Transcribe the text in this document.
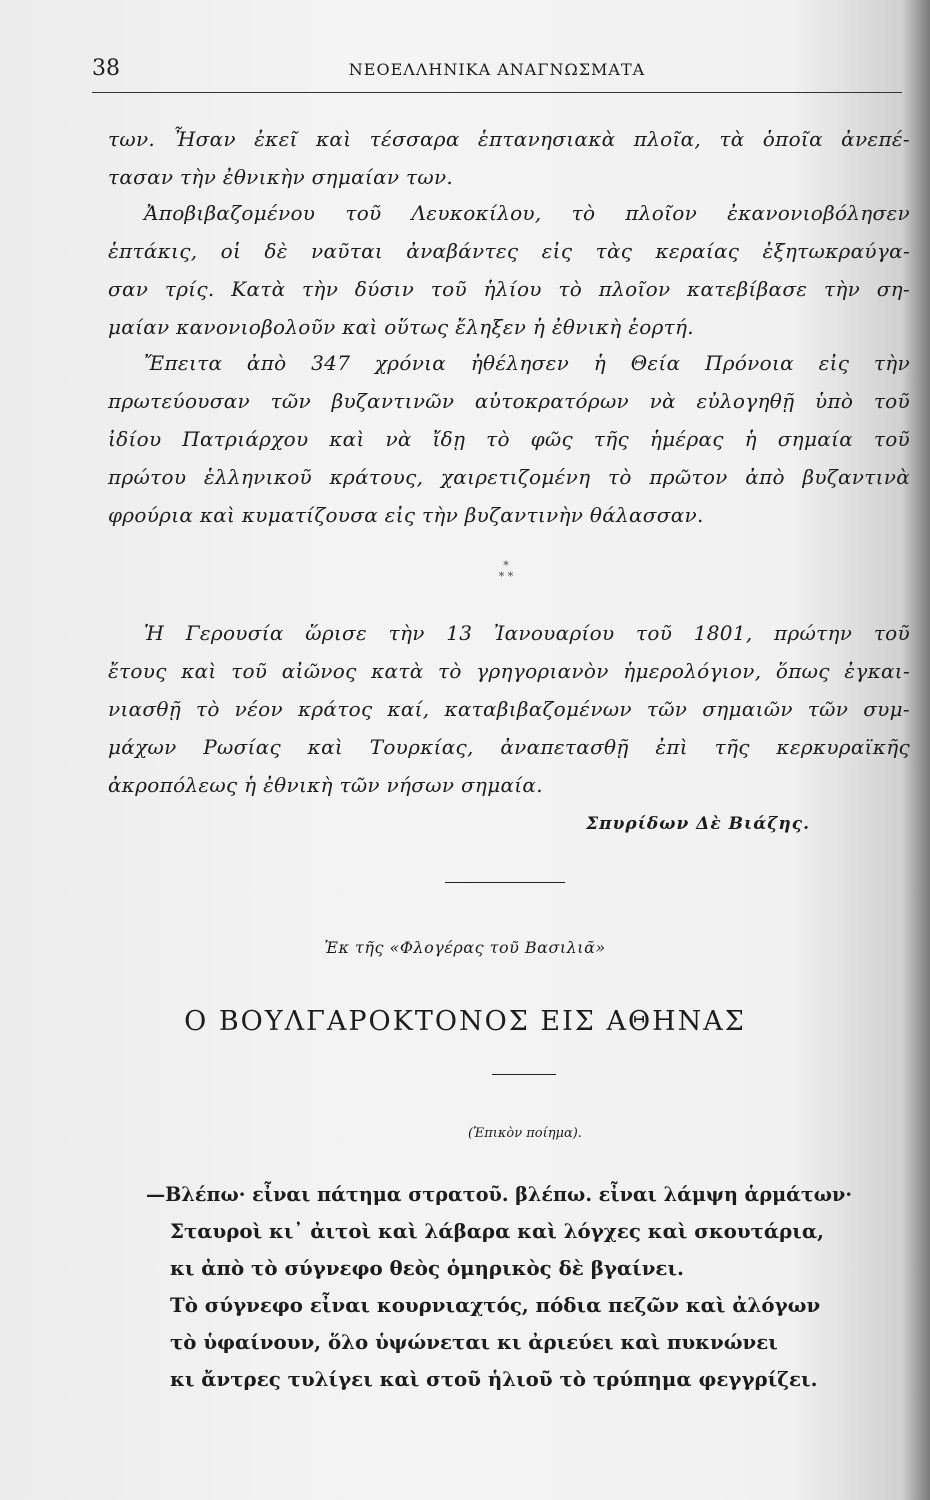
38	ΝΕΟΕΛΛΗΝΙΚΑ ΑΝΑΓΝΩΣΜΑΤΑ
των. Ἦσαν ἐκεῖ καὶ τέσσαρα ἑπτανησιακὰ πλοῖα, τὰ ὁποῖα ἀνεπέ-
τασαν τὴν ἐθνικὴν σημαίαν των.
Ἀποβιβαζομένου τοῦ Λευκοκίλου, τὸ πλοῖον ἐκανονιοβόλησεν
ἑπτάκις, οἱ δὲ ναῦται ἀναβάντες εἰς τὰς κεραίας ἐξητωκραύγα-
σαν τρίς. Κατὰ τὴν δύσιν τοῦ ἡλίου τὸ πλοῖον κατεβίβασε τὴν ση-
μαίαν κανονιοβολοῦν καὶ οὕτως ἔληξεν ἡ ἐθνικὴ ἑορτή.
Ἔπειτα ἀπὸ 347 χρόνια ἠθέλησεν ἡ Θεία Πρόνοια εἰς τὴν
πρωτεύουσαν τῶν βυζαντινῶν αὐτοκρατόρων νὰ εὐλογηθῇ ὑπὸ τοῦ
ἰδίου Πατριάρχου καὶ νὰ ἴδῃ τὸ φῶς τῆς ἡμέρας ἡ σημαία τοῦ
πρώτου ἑλληνικοῦ κράτους, χαιρετιζομένη τὸ πρῶτον ἀπὸ βυζαντινὰ
φρούρια καὶ κυματίζουσα εἰς τὴν βυζαντινὴν θάλασσαν.
*
* *
Ἡ Γερουσία ὥρισε τὴν 13 Ἰανουαρίου τοῦ 1801, πρώτην τοῦ
ἔτους καὶ τοῦ αἰῶνος κατὰ τὸ γρηγοριανὸν ἡμερολόγιον, ὅπως ἐγκαι-
νιασθῇ τὸ νέον κράτος καί, καταβιβαζομένων τῶν σημαιῶν τῶν συμ-
μάχων Ρωσίας καὶ Τουρκίας, ἀναπετασθῇ ἐπὶ τῆς κερκυραϊκῆς
ἀκροπόλεως ἡ ἐθνικὴ τῶν νήσων σημαία.
Σπυρίδων Δὲ Βιάζης.
Ἐκ τῆς «Φλογέρας τοῦ Βασιλιᾶ»
Ο ΒΟΥΛΓΑΡΟΚΤΟΝΟΣ ΕΙΣ ΑΘΗΝΑΣ
(Ἐπικὸν ποίημα).
—Βλέπω· εἶναι πάτημα στρατοῦ. βλέπω. εἶναι λάμψη ἁρμάτων·
Σταυροὶ κι᾿ ἀιτοὶ καὶ λάβαρα καὶ λόγχες καὶ σκουτάρια,
κι ἀπὸ τὸ σύγνεφο θεὸς ὁμηρικὸς δὲ βγαίνει.
Τὸ σύγνεφο εἶναι κουρνιαχτός, πόδια πεζῶν καὶ ἀλόγων
τὸ ὑφαίνουν, ὅλο ὑψώνεται κι ἀριεύει καὶ πυκνώνει
κι ἄντρες τυλίγει καὶ στοῦ ἡλιοῦ τὸ τρύπημα φεγγρίζει.
